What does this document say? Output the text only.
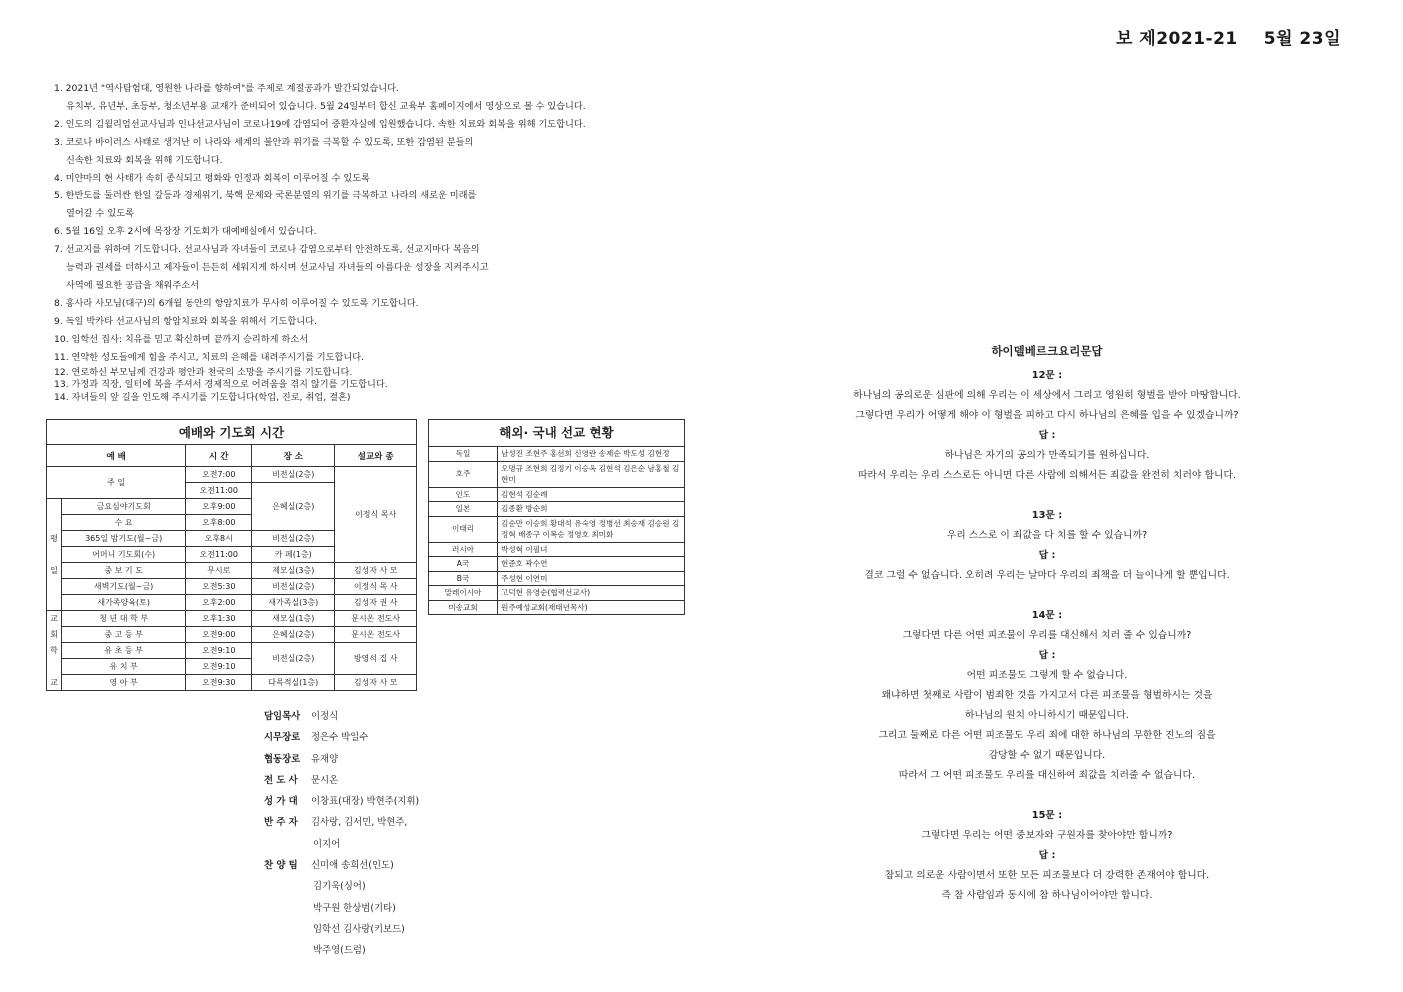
보 제2021-21 5월 23일
1. 2021년 "역사탐험대, 영원한 나라를 향하여"를 주제로 계절공과가 발간되었습니다.
유치부, 유년부, 초등부, 청소년부용 교재가 준비되어 있습니다. 5월 24일부터 합신 교육부 홈페이지에서 영상으로 볼 수 있습니다.
2. 인도의 김윌리엄선교사님과 인나선교사님이 코로나19에 감염되어 중환자실에 입원했습니다. 속한 치료와 회복을 위해 기도합니다.
3. 코로나 바이러스 사태로 생겨난 이 나라와 세계의 불안과 위기를 극복할 수 있도록, 또한 감염된 분들의
신속한 치료와 회복을 위해 기도합니다.
4. 미얀마의 현 사태가 속히 종식되고 평화와 인정과 회복이 이루어질 수 있도록
5. 한반도를 둘러싼 한일 갈등과 경제위기, 북핵 문제와 국론분열의 위기를 극복하고 나라의 새로운 미래를
열어갈 수 있도록
6. 5월 16일 오후 2시에 목장장 기도회가 대예배실에서 있습니다.
7. 선교지를 위하여 기도합니다. 선교사님과 자녀들이 코로나 감염으로부터 안전하도록, 선교지마다 복음의
능력과 권세를 더하시고 제자들이 든든히 세워지게 하시며 선교사님 자녀들의 아름다운 성장을 지켜주시고
사역에 필요한 공급을 채워주소서
8. 홍사라 사모님(대구)의 6개월 동안의 항암치료가 무사히 이루어질 수 있도록 기도합니다.
9. 독일 박카타 선교사님의 항암치료와 회복을 위해서 기도합니다.
10. 임학선 집사: 치유를 믿고 확신하며 끝까지 승리하게 하소서
11. 연약한 성도들에게 힘을 주시고, 치료의 은혜를 내려주시기를 기도합니다.
12. 연로하신 부모님께 건강과 평안과 천국의 소망을 주시기를 기도합니다.
13. 가정과 직장, 일터에 복을 주셔서 경제적으로 어려움을 겪지 않기를 기도합니다.
14. 자녀들의 앞 길을 인도해 주시기를 기도합니다(학업, 진로, 취업, 결혼)
예배와 기도회 시간				
예 배		시 간	장 소	설교와 종
주 일		오전7:00	비전실(2층)	이정식 목사
		오전11:00	은혜실(2층)	
	금요심야기도회	오후9:00		
	수 요	오후8:00		
평	365일 밤기도(월~금)	오후8시	비전실(2층)	
	어머니 기도회(수)	오전11:00	카 페(1층)	
일	중 보 기 도	무시로	제모실(3층)	김성자 사 모
	새벽기도(월~금)	오전5:30	비전실(2층)	이정식 목 사
	새가족양육(토)	오후2:00	새가족실(3층)	김성자 권 사
교	청 년 대 학 부	오후1:30	새모실(1층)	문시온 전도사
회	중 고 등 부	오전9:00	은혜실(2층)	문시온 전도사
학	유 초 등 부	오전9:10	비전실(2층)	방영석 집 사
	유 치 부	오전9:10		
교	영 아 부	오전9:30	다목적실(1층)	김성자 사 모
해외· 국내 선교 현황	
독일	남성진 조현주 홍선희 신영란 송제순 박도성 김현정
호주	오명규 조현희 김정기 이승옥 김현석 김은순 남홍철 김현미
인도	김현석 김순례
일본	김종환 방순희
이태리	김순만 이승희 황대석 유숙영 정병선 최승재 김승원 김정혁 배종구 이복승 정영호 최미화
러시아	박성혁 이필녀
A국	현준호 곽수연
B국	주성현 이연미
말레이시아	고덕현 유영순(협력선교사)
미송교회	원주예성교회(재태년목사)
담임목사 이정식
시무장로 정은수 박일수
협동장로 유재양
전 도 사 문시온
성 가 대 이창표(대장) 박현주(지휘)
반 주 자 김사랑, 김서민, 박현주,
이지어
찬 양 팀 신미애 송희선(인도)
김기욱(싱어)
박구원 한상범(기타)
임학선 김사랑(키보드)
박주영(드럼)
하이델베르크요리문답
12문 :
하나님의 공의로운 심판에 의해 우리는 이 세상에서 그리고 영원히 형벌을 받아 마땅합니다.
그렇다면 우리가 어떻게 해야 이 형벌을 피하고 다시 하나님의 은혜를 입을 수 있겠습니까?
답 :
하나님은 자기의 공의가 만족되기를 원하십니다.
따라서 우리는 우리 스스로든 아니면 다른 사람에 의해서든 죄값을 완전히 치러야 합니다.
13문 :
우리 스스로 이 죄값을 다 치를 할 수 있습니까?
답 :
결코 그럴 수 없습니다. 오히려 우리는 날마다 우리의 죄책을 더 늘이나게 할 뿐입니다.
14문 :
그렇다면 다른 어떤 피조물이 우리를 대신해서 치러 줄 수 있습니까?
답 :
어떤 피조물도 그렇게 할 수 없습니다.
왜냐하면 첫째로 사람이 범죄한 것을 가지고서 다른 피조물을 형벌하시는 것을
하나님의 원치 아니하시기 때문입니다.
그리고 둘째로 다른 어떤 피조물도 우리 죄에 대한 하나님의 무한한 진노의 짐을
감당할 수 없기 때문입니다.
따라서 그 어떤 피조물도 우리를 대신하여 죄값을 치러줄 수 없습니다.
15문 :
그렇다면 우리는 어떤 중보자와 구원자를 찾아야만 합니까?
답 :
참되고 의로운 사람이면서 또한 모든 피조물보다 더 강력한 존재여야 합니다.
즉 참 사람임과 동시에 참 하나님이어야만 합니다.
